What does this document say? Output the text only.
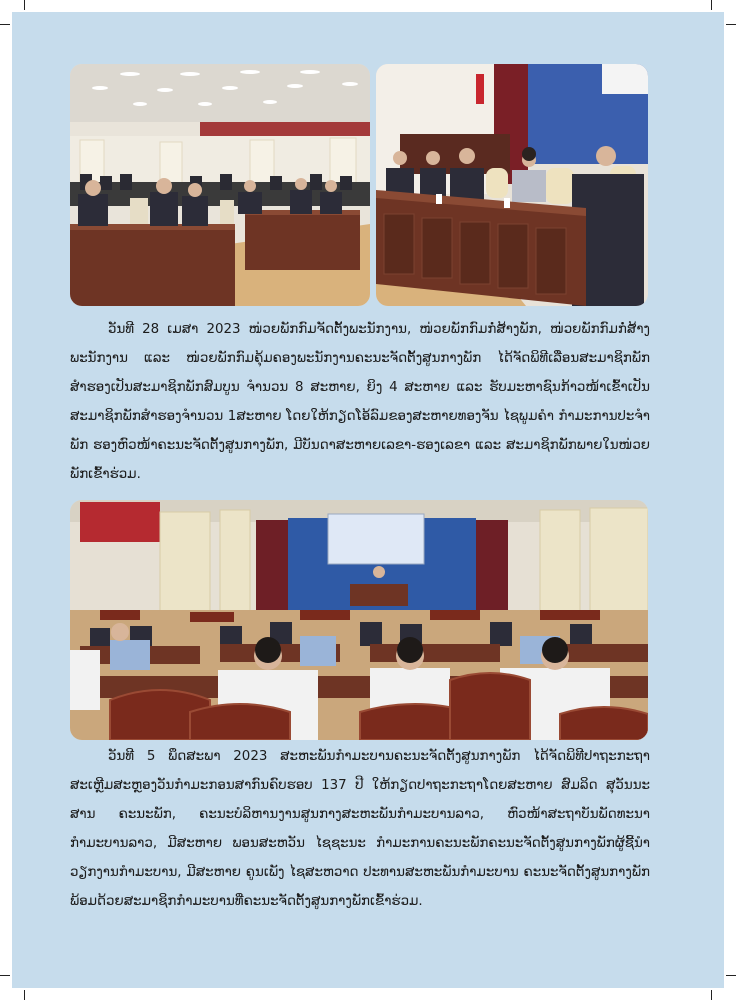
ວັນທີ 28 ເມສາ 2023 ໜ່ວຍພັກກົມຈັດຕັ້ງພະນັກງານ, ໜ່ວຍພັກກົມກໍ່ສ້າງພັກ, ໜ່ວຍພັກກົມກໍ່ສ້າງພະນັກງານ ແລະ ໜ່ວຍພັກກົມຄຸ້ມຄອງພະນັກງານຄະນະຈັດຕັ້ງສູນກາງພັກ ໄດ້ຈັດພິທີເລື່ອນສະມາຊິກພັກສຳຮອງເປັນສະມາຊິກພັກສົມບູນ ຈຳນວນ 8 ສະຫາຍ, ຍິງ 4 ສະຫາຍ ແລະ ຮັບມະຫາຊົນກ້າວໜ້າເຂົ້າເປັນສະມາຊິກພັກສຳຮອງຈຳນວນ 1ສະຫາຍ ໂດຍໃຫ້ກຽດໂອ້ລົມຂອງສະຫາຍທອງຈັນ ໄຊພູມຄຳ ກຳມະການປະຈຳພັກ ຮອງຫົວໜ້າຄະນະຈັດຕັ້ງສູນກາງພັກ, ມີບັນດາສະຫາຍເລຂາ-ຮອງເລຂາ ແລະ ສະມາຊິກພັກພາຍໃນໜ່ວຍພັກເຂົ້າຮ່ວມ.

ວັນທີ 5 ພຶດສະພາ 2023 ສະຫະພັນກຳມະບານຄະນະຈັດຕັ້ງສູນກາງພັກ ໄດ້ຈັດພິທີປາຖະກະຖາສະເຫຼີມສະຫຼອງວັນກຳມະກອນສາກົນຄົບຮອບ 137 ປີ ໃຫ້ກຽດປາຖະກະຖາໂດຍສະຫາຍ ສົມລິດ ສຸວັນນະສານ ຄະນະພັກ, ຄະນະບໍລິຫານງານສູນກາງສະຫະພັນກຳມະບານລາວ, ຫົວໜ້າສະຖາບັນພັດທະນາກຳມະບານລາວ, ມີສະຫາຍ ພອນສະຫວັນ ໄຊຊະນະ ກຳມະການຄະນະພັກຄະນະຈັດຕັ້ງສູນກາງພັກຜູ້ຊີ້ນຳວຽກງານກຳມະບານ, ມີສະຫາຍ ຄູນເພັງ ໄຊສະຫວາດ ປະທານສະຫະພັນກຳມະບານ ຄະນະຈັດຕັ້ງສູນກາງພັກ ພ້ອມດ້ວຍສະມາຊິກກຳມະບານທີ່ຄະນະຈັດຕັ້ງສູນກາງພັກເຂົ້າຮ່ວມ.
